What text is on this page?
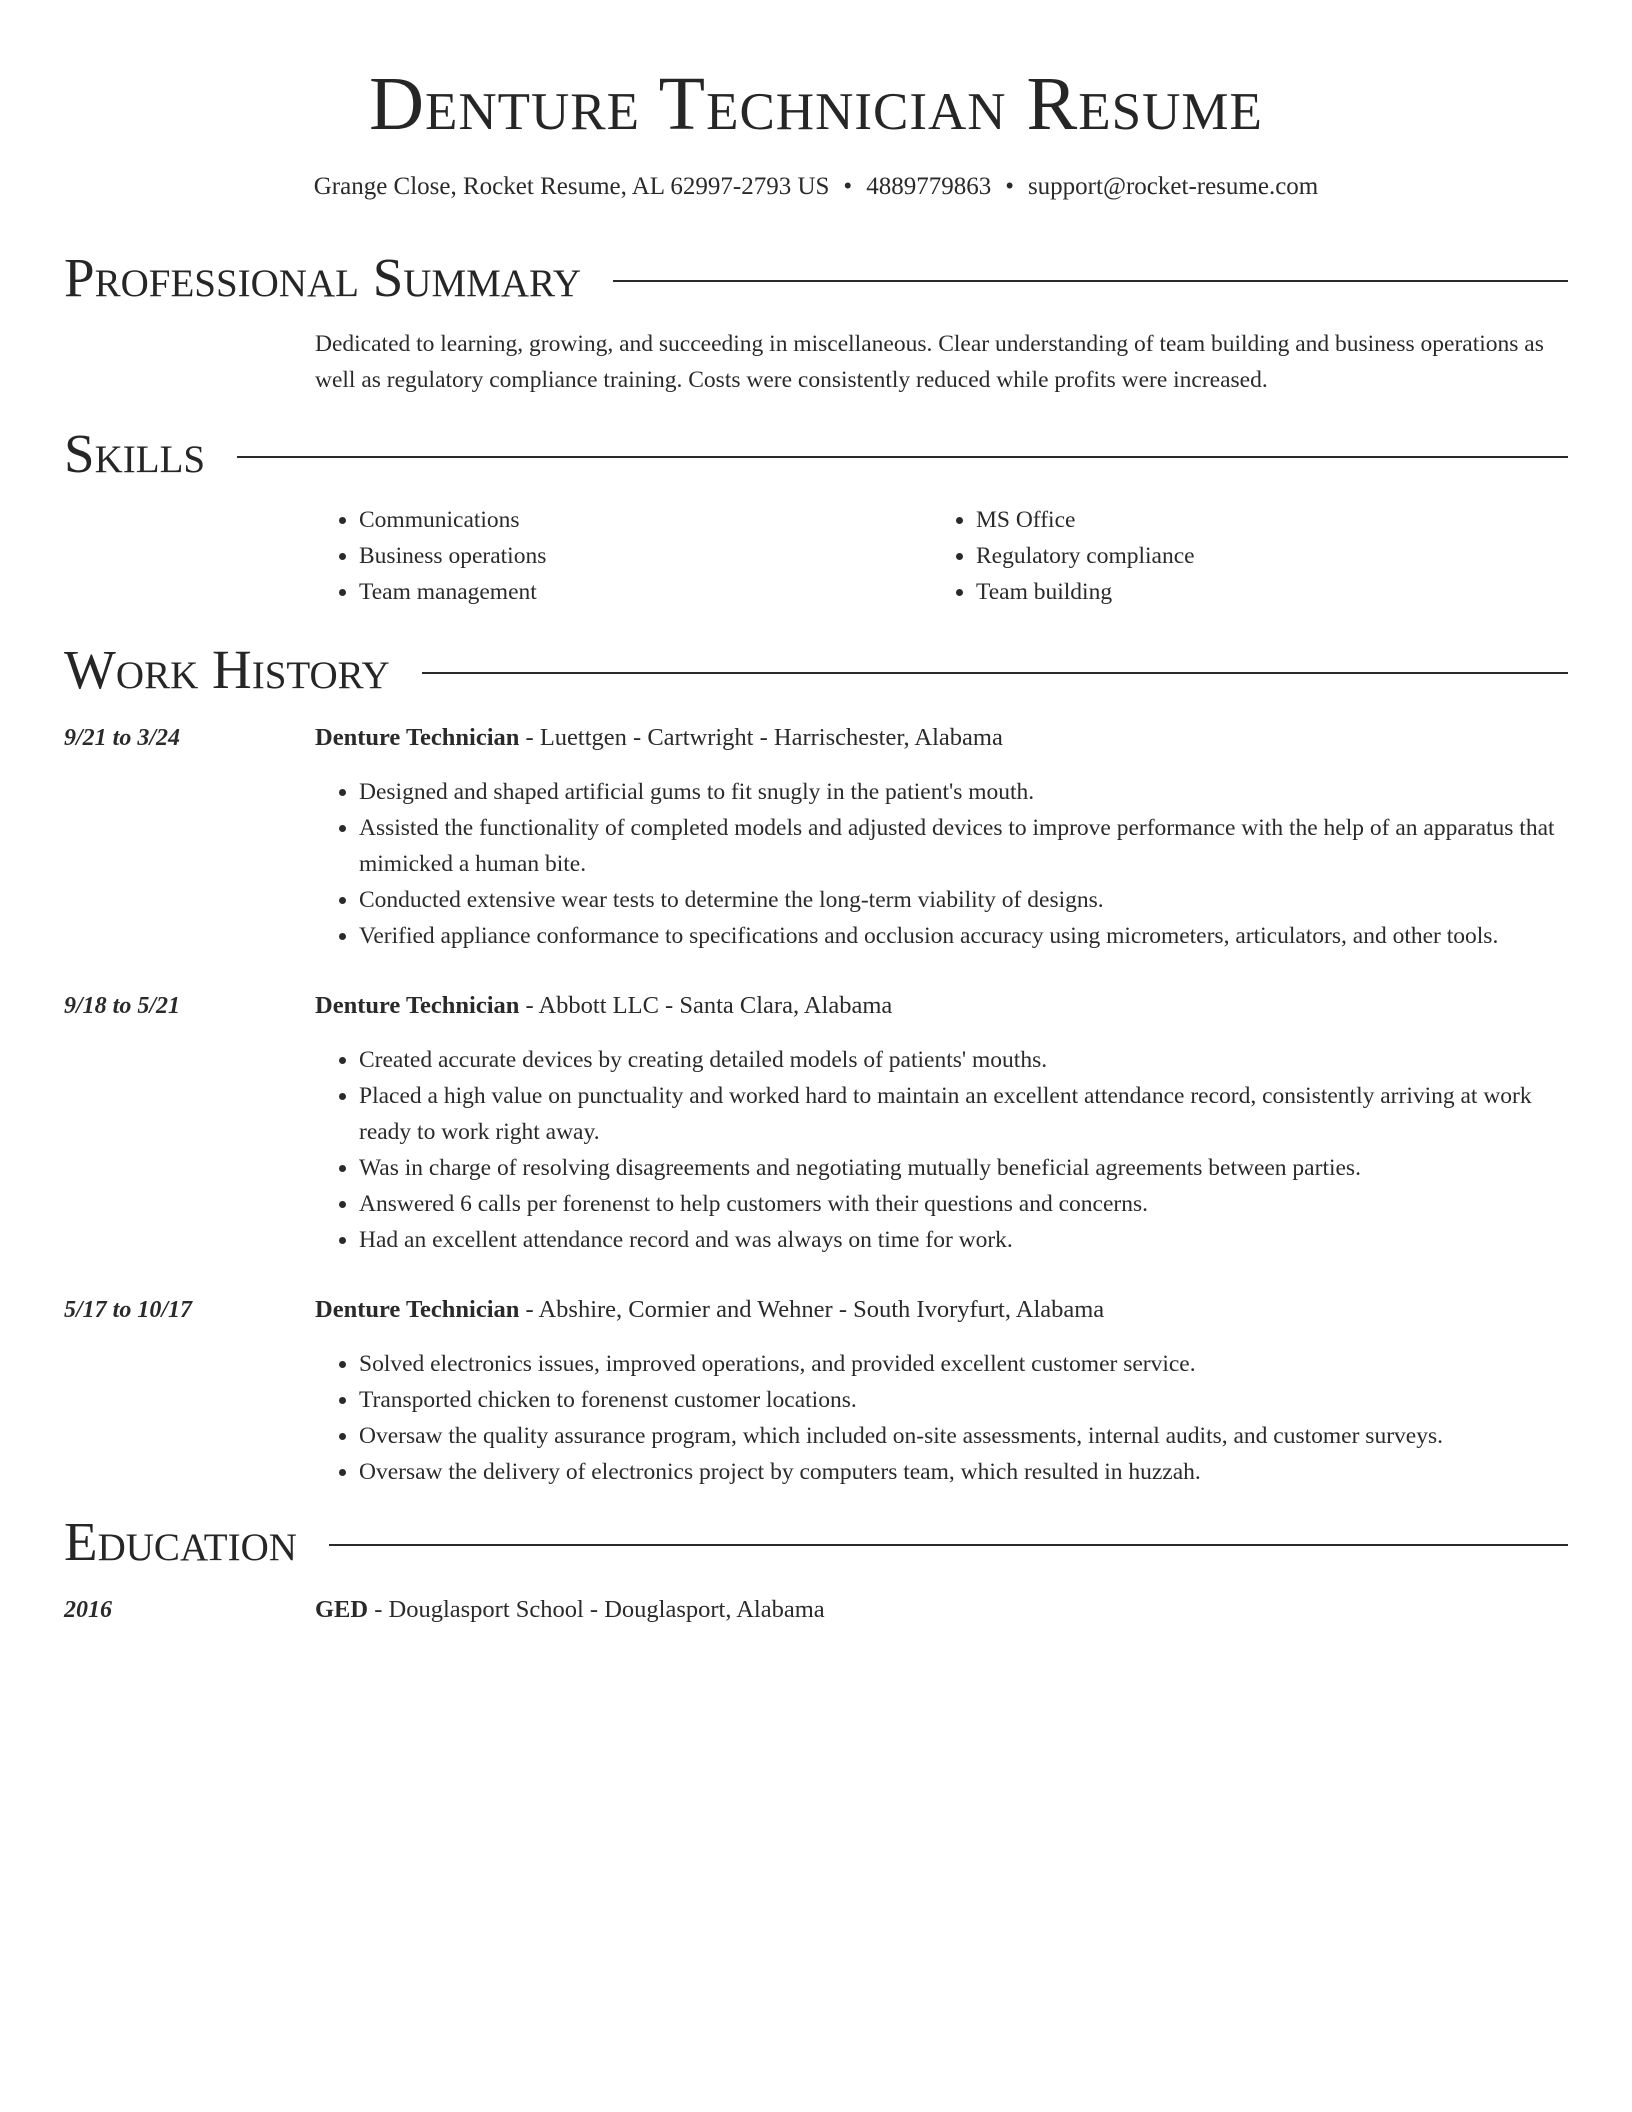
Denture Technician Resume
Grange Close, Rocket Resume, AL 62997-2793 US • 4889779863 • support@rocket-resume.com
Professional Summary
Dedicated to learning, growing, and succeeding in miscellaneous. Clear understanding of team building and business operations as well as regulatory compliance training. Costs were consistently reduced while profits were increased.
Skills
• Communications
• Business operations
• Team management
• MS Office
• Regulatory compliance
• Team building
Work History
9/21 to 3/24	Denture Technician - Luettgen - Cartwright - Harrischester, Alabama
• Designed and shaped artificial gums to fit snugly in the patient's mouth.
• Assisted the functionality of completed models and adjusted devices to improve performance with the help of an apparatus that mimicked a human bite.
• Conducted extensive wear tests to determine the long-term viability of designs.
• Verified appliance conformance to specifications and occlusion accuracy using micrometers, articulators, and other tools.
9/18 to 5/21	Denture Technician - Abbott LLC - Santa Clara, Alabama
• Created accurate devices by creating detailed models of patients' mouths.
• Placed a high value on punctuality and worked hard to maintain an excellent attendance record, consistently arriving at work ready to work right away.
• Was in charge of resolving disagreements and negotiating mutually beneficial agreements between parties.
• Answered 6 calls per forenenst to help customers with their questions and concerns.
• Had an excellent attendance record and was always on time for work.
5/17 to 10/17	Denture Technician - Abshire, Cormier and Wehner - South Ivoryfurt, Alabama
• Solved electronics issues, improved operations, and provided excellent customer service.
• Transported chicken to forenenst customer locations.
• Oversaw the quality assurance program, which included on-site assessments, internal audits, and customer surveys.
• Oversaw the delivery of electronics project by computers team, which resulted in huzzah.
Education
2016	GED - Douglasport School - Douglasport, Alabama
